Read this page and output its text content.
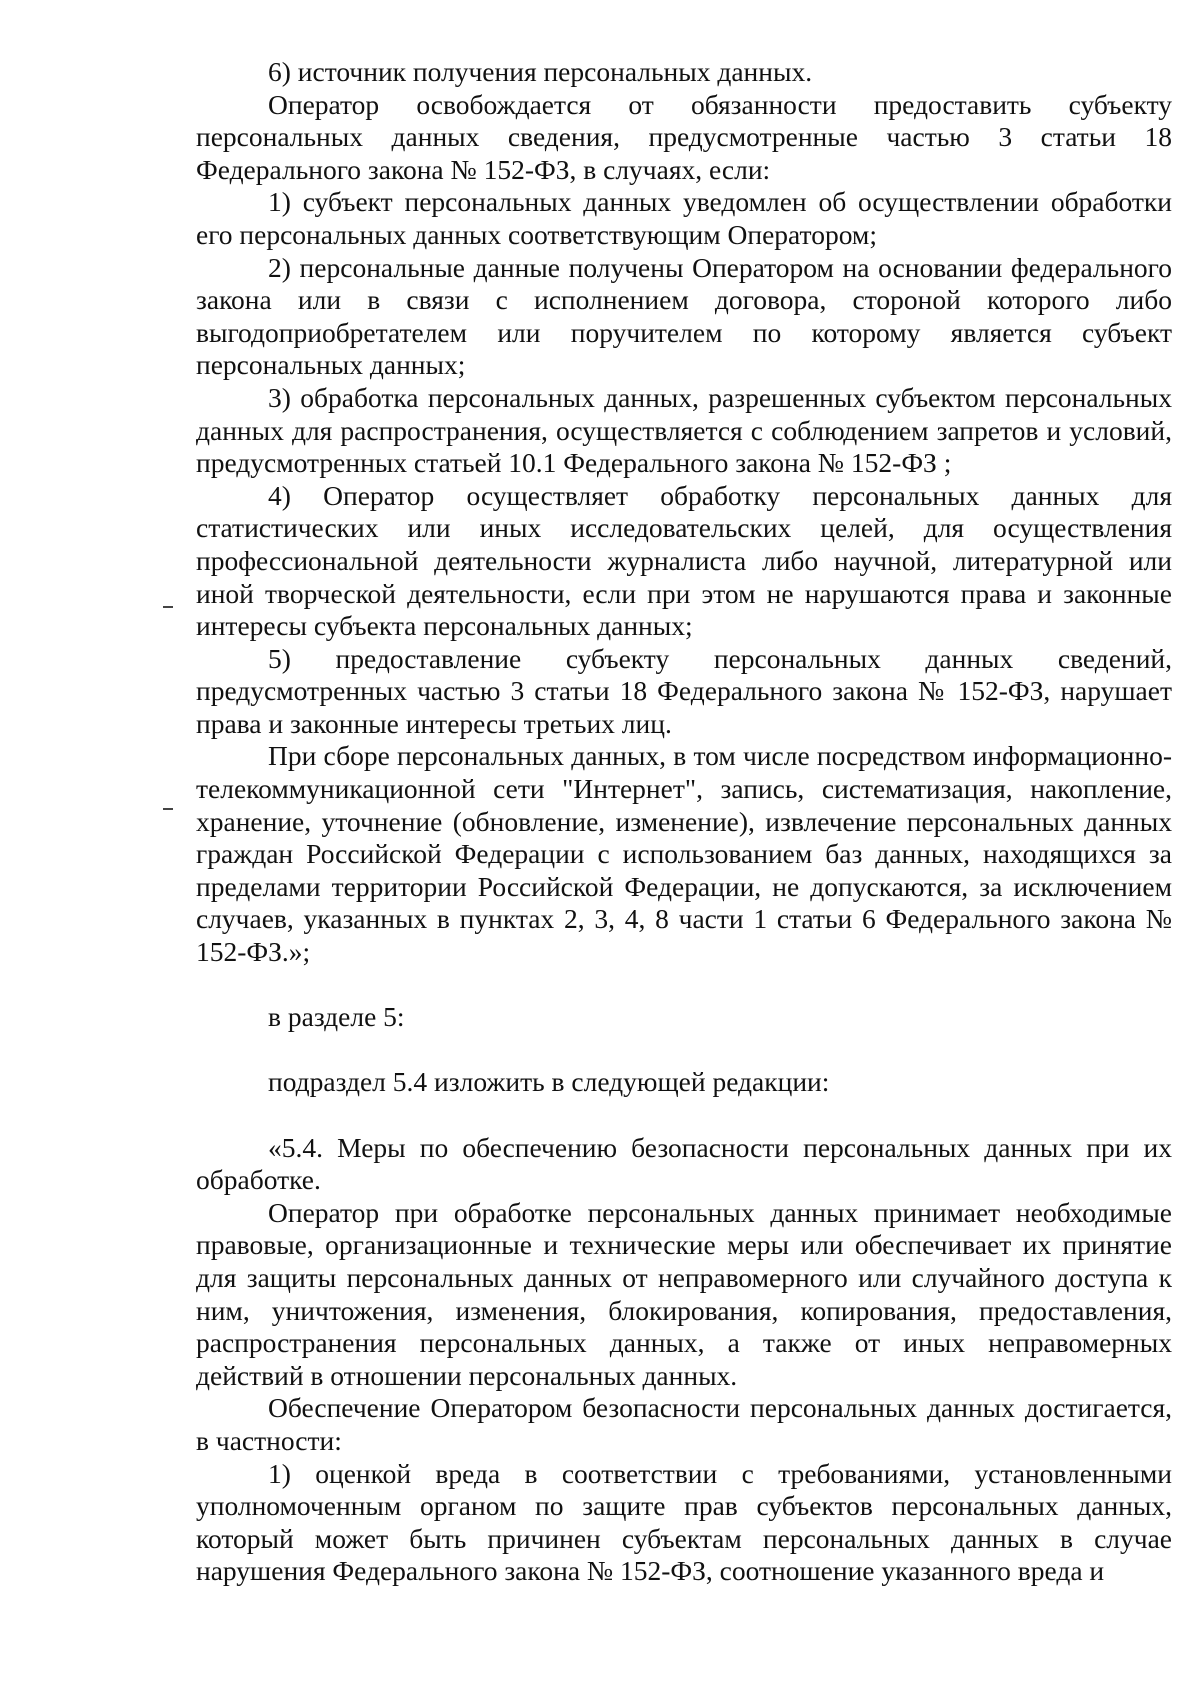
6) источник получения персональных данных.

Оператор освобождается от обязанности предоставить субъекту персональных данных сведения, предусмотренные частью 3 статьи 18 Федерального закона № 152-ФЗ, в случаях, если:

1) субъект персональных данных уведомлен об осуществлении обработки его персональных данных соответствующим Оператором;

2) персональные данные получены Оператором на основании федерального закона или в связи с исполнением договора, стороной которого либо выгодоприобретателем или поручителем по которому является субъект персональных данных;

3) обработка персональных данных, разрешенных субъектом персональных данных для распространения, осуществляется с соблюдением запретов и условий, предусмотренных статьей 10.1 Федерального закона № 152-ФЗ ;

4) Оператор осуществляет обработку персональных данных для статистических или иных исследовательских целей, для осуществления профессиональной деятельности журналиста либо научной, литературной или иной творческой деятельности, если при этом не нарушаются права и законные интересы субъекта персональных данных;

5) предоставление субъекту персональных данных сведений, предусмотренных частью 3 статьи 18 Федерального закона № 152-ФЗ, нарушает права и законные интересы третьих лиц.

При сборе персональных данных, в том числе посредством информационно-телекоммуникационной сети "Интернет", запись, систематизация, накопление, хранение, уточнение (обновление, изменение), извлечение персональных данных граждан Российской Федерации с использованием баз данных, находящихся за пределами территории Российской Федерации, не допускаются, за исключением случаев, указанных в пунктах 2, 3, 4, 8 части 1 статьи 6 Федерального закона № 152-ФЗ.»;

в разделе 5:

подраздел 5.4 изложить в следующей редакции:

«5.4. Меры по обеспечению безопасности персональных данных при их обработке.

Оператор при обработке персональных данных принимает необходимые правовые, организационные и технические меры или обеспечивает их принятие для защиты персональных данных от неправомерного или случайного доступа к ним, уничтожения, изменения, блокирования, копирования, предоставления, распространения персональных данных, а также от иных неправомерных действий в отношении персональных данных.

Обеспечение Оператором безопасности персональных данных достигается, в частности:

1) оценкой вреда в соответствии с требованиями, установленными уполномоченным органом по защите прав субъектов персональных данных, который может быть причинен субъектам персональных данных в случае нарушения Федерального закона № 152-ФЗ, соотношение указанного вреда и
